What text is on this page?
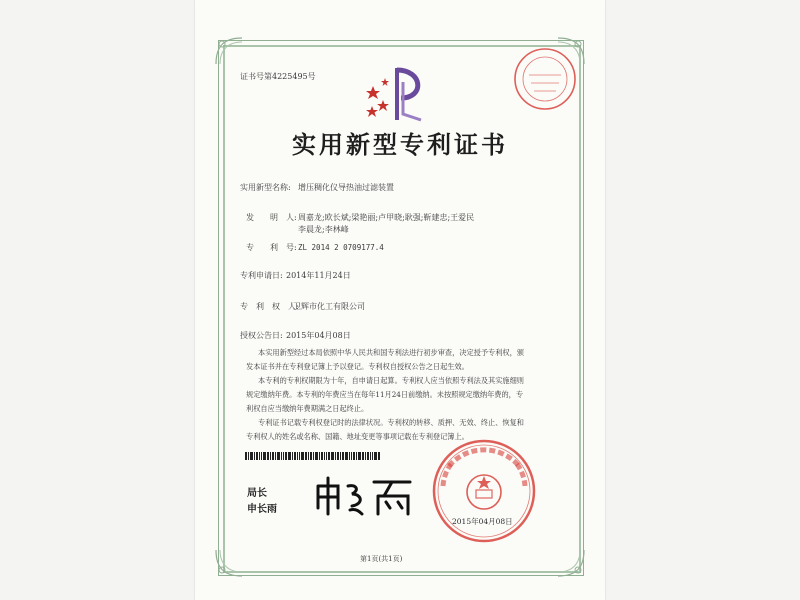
证书号第4225495号
实用新型专利证书
实用新型名称: 增压稠化仪导热油过滤装置
发　　明　人: 周嘉龙;欧长斌;梁艳丽;卢甲晓;耿强;靳建忠;王爱民
李晨龙;李林峰
专　　利　号: ZL 2014 2 0709177.4
专利申请日: 2014年11月24日
专　利　权　人:
卫辉市化工有限公司
授权公告日: 2015年04月08日
本实用新型经过本局依照中华人民共和国专利法进行初步审查，决定授予专利权，颁
发本证书并在专利登记簿上予以登记。专利权自授权公告之日起生效。
本专利的专利权期限为十年，自申请日起算。专利权人应当依照专利法及其实施细则
规定缴纳年费。本专利的年费应当在每年11月24日前缴纳。未按照规定缴纳年费的，专
利权自应当缴纳年费期满之日起终止。
专利证书记载专利权登记时的法律状况。专利权的转移、质押、无效、终止、恢复和
专利权人的姓名或名称、国籍、地址变更等事项记载在专利登记簿上。
局长
申长雨
2015年04月08日
第1页(共1页)
